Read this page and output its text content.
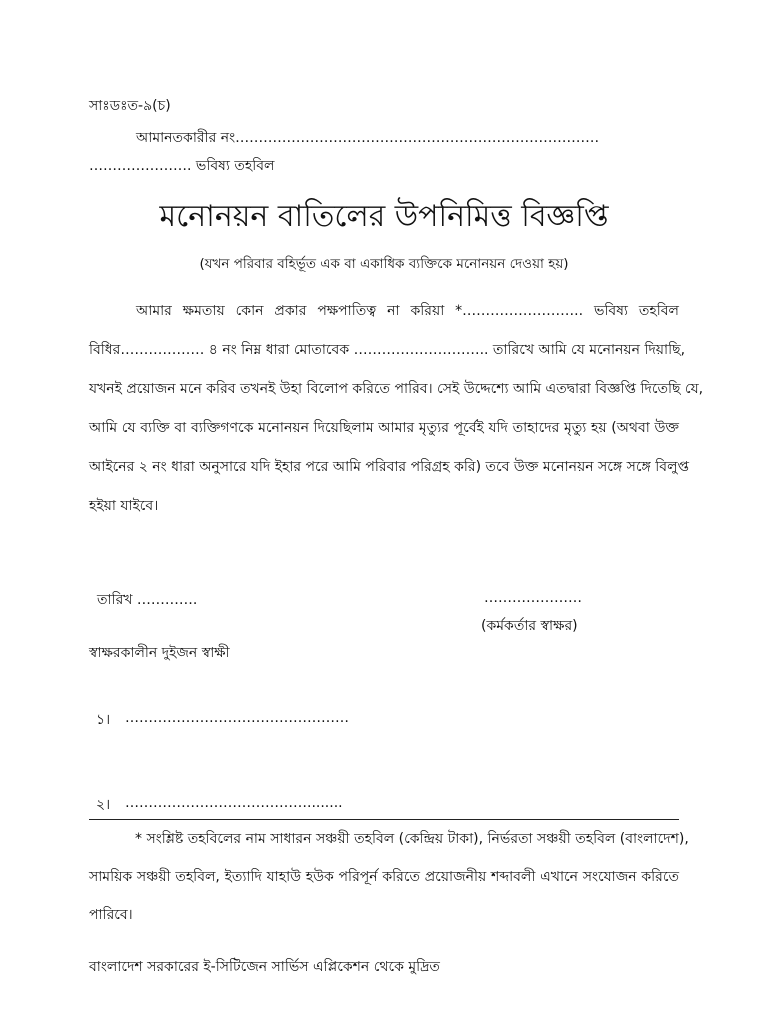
সাঃডঃত-৯(চ)
আমানতকারীর নং……………………………………………………………………
…………………. ভবিষ্য তহবিল
মনোনয়ন বাতিলের উপনিমিত্ত বিজ্ঞপ্তি
(যখন পরিবার বহির্ভূত এক বা একাধিক ব্যক্তিকে মনোনয়ন দেওয়া হয়)
আমার ক্ষমতায় কোন প্রকার পক্ষপাতিত্ব না করিয়া *…………………….. ভবিষ্য তহবিল
বিধির……………… ৪ নং নিম্ন ধারা মোতাবেক ……………………….. তারিখে আমি যে মনোনয়ন দিয়াছি,
যখনই প্রয়োজন মনে করিব তখনই উহা বিলোপ করিতে পারিব। সেই উদ্দেশ্যে আমি এতদ্বারা বিজ্ঞপ্তি দিতেছি যে,
আমি যে ব্যক্তি বা ব্যক্তিগণকে মনোনয়ন দিয়েছিলাম আমার মৃত্যুর পূর্বেই যদি তাহাদের মৃত্যু হয় (অথবা উক্ত
আইনের ২ নং ধারা অনুসারে যদি ইহার পরে আমি পরিবার পরিগ্রহ করি) তবে উক্ত মনোনয়ন সঙ্গে সঙ্গে বিলুপ্ত
হইয়া যাইবে।
তারিখ ………….	…………………
(কর্মকর্তার স্বাক্ষর)
স্বাক্ষরকালীন দুইজন স্বাক্ষী
১। …………………………………………
২। …………………………………........
* সংশ্লিষ্ট তহবিলের নাম সাধারন সঞ্চয়ী তহবিল (কেন্দ্রিয় টাকা), নির্ভরতা সঞ্চয়ী তহবিল (বাংলাদেশ),
সাময়িক সঞ্চয়ী তহবিল, ইত্যাদি যাহাউ হউক পরিপূর্ন করিতে প্রয়োজনীয় শব্দাবলী এখানে সংযোজন করিতে
পারিবে।
বাংলাদেশ সরকারের ই-সিটিজেন সার্ভিস এপ্লিকেশন থেকে মুদ্রিত
